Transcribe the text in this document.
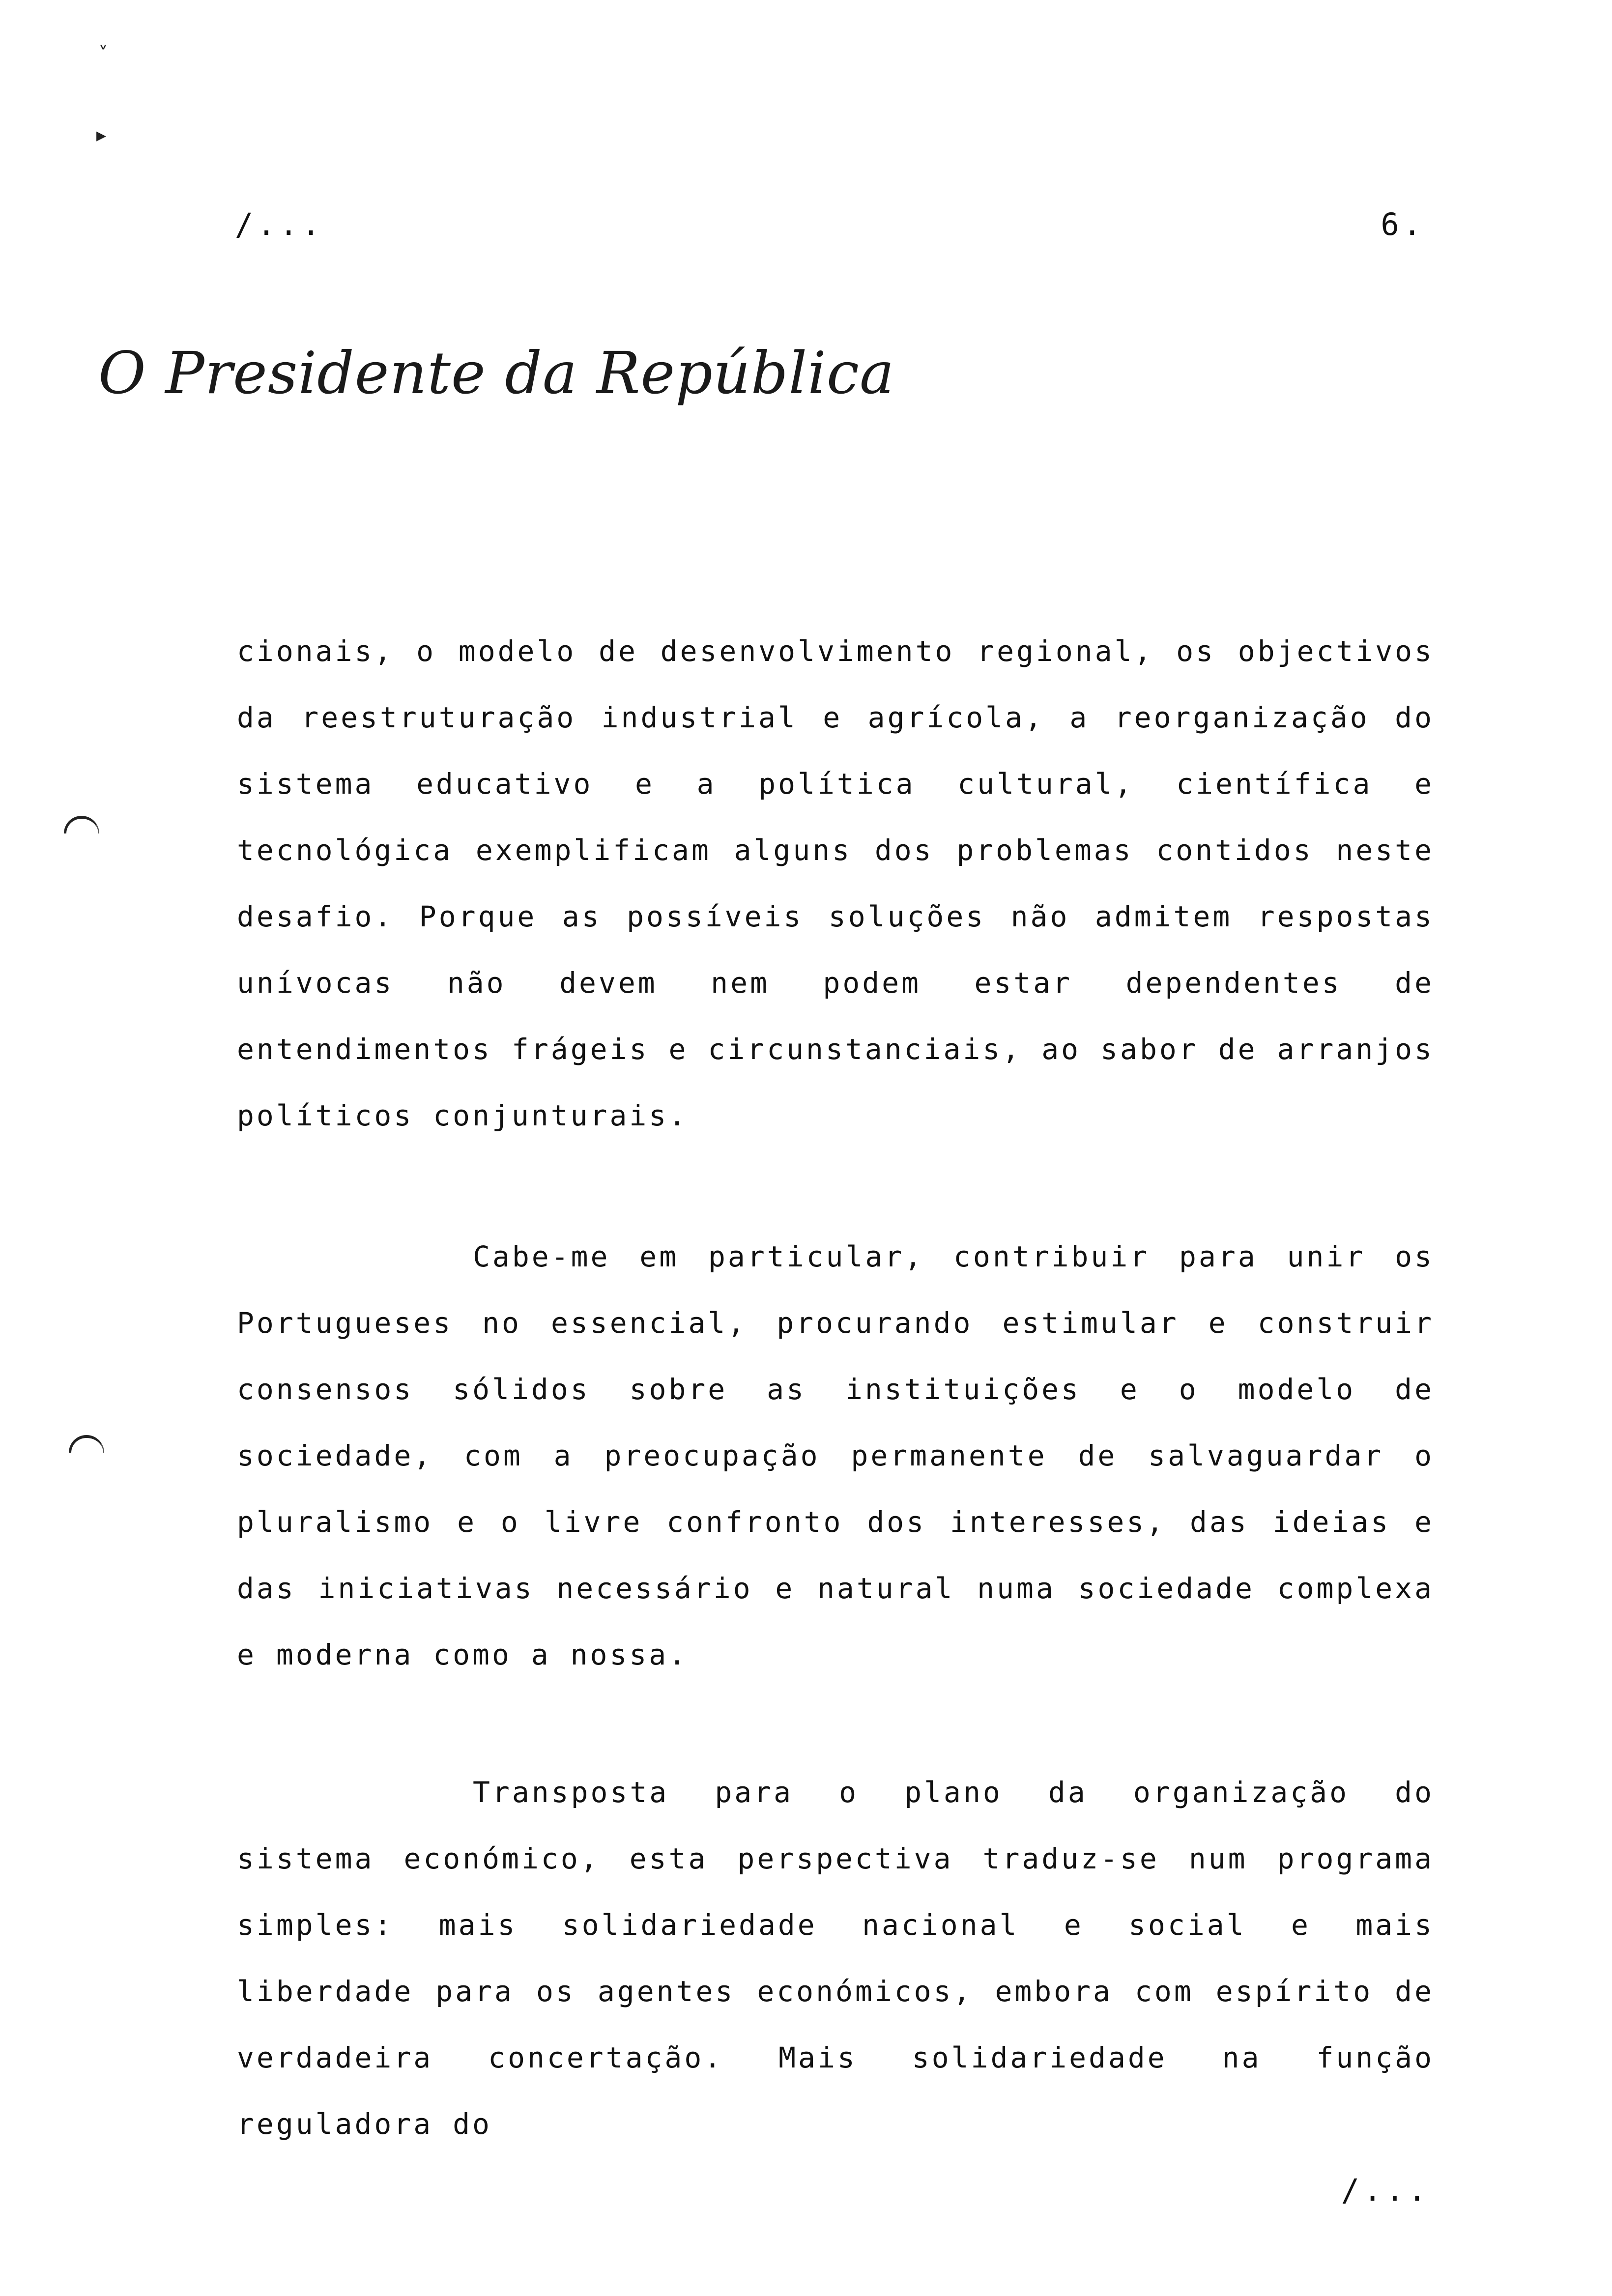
˅
▸
/...	6.
O Presidente da República

cionais, o modelo de desenvolvimento regional, os objectivos da reestruturação industrial e agrícola, a reorganização do sistema educativo e a política cultural, científica e tecnológica exemplificam alguns dos problemas contidos neste desafio. Porque as possíveis soluções não admitem respostas unívocas não devem nem podem estar dependentes de entendimentos frágeis e circunstanciais, ao sabor de arranjos políticos conjunturais.

Cabe-me em particular, contribuir para unir os Portugueses no essencial, procurando estimular e construir consensos sólidos sobre as instituições e o modelo de sociedade, com a preocupação permanente de salvaguardar o pluralismo e o livre confronto dos interesses, das ideias e das iniciativas necessário e natural numa sociedade complexa e moderna como a nossa.

Transposta para o plano da organização do sistema económico, esta perspectiva traduz-se num programa simples: mais solidariedade nacional e social e mais liberdade para os agentes económicos, embora com espírito de verdadeira concertação. Mais solidariedade na função reguladora do

/...
